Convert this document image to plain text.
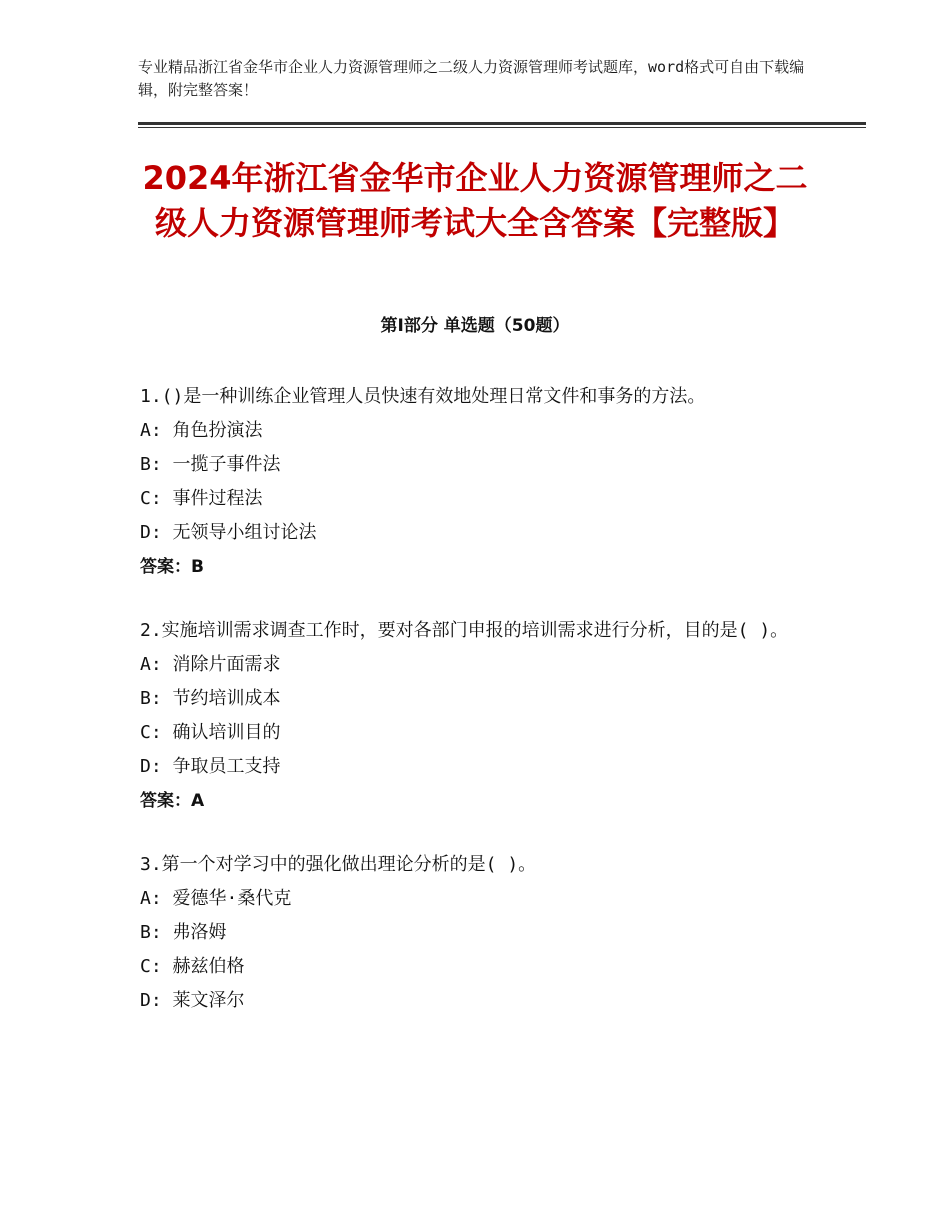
专业精品浙江省金华市企业人力资源管理师之二级人力资源管理师考试题库，word格式可自由下载编辑，附完整答案！
2024年浙江省金华市企业人力资源管理师之二级人力资源管理师考试大全含答案【完整版】
第Ⅰ部分 单选题（50题）
1.()是一种训练企业管理人员快速有效地处理日常文件和事务的方法。
A: 角色扮演法
B: 一揽子事件法
C: 事件过程法
D: 无领导小组讨论法
答案：B
2.实施培训需求调查工作时，要对各部门申报的培训需求进行分析，目的是( )。
A: 消除片面需求
B: 节约培训成本
C: 确认培训目的
D: 争取员工支持
答案：A
3.第一个对学习中的强化做出理论分析的是( )。
A: 爱德华·桑代克
B: 弗洛姆
C: 赫兹伯格
D: 莱文泽尔
